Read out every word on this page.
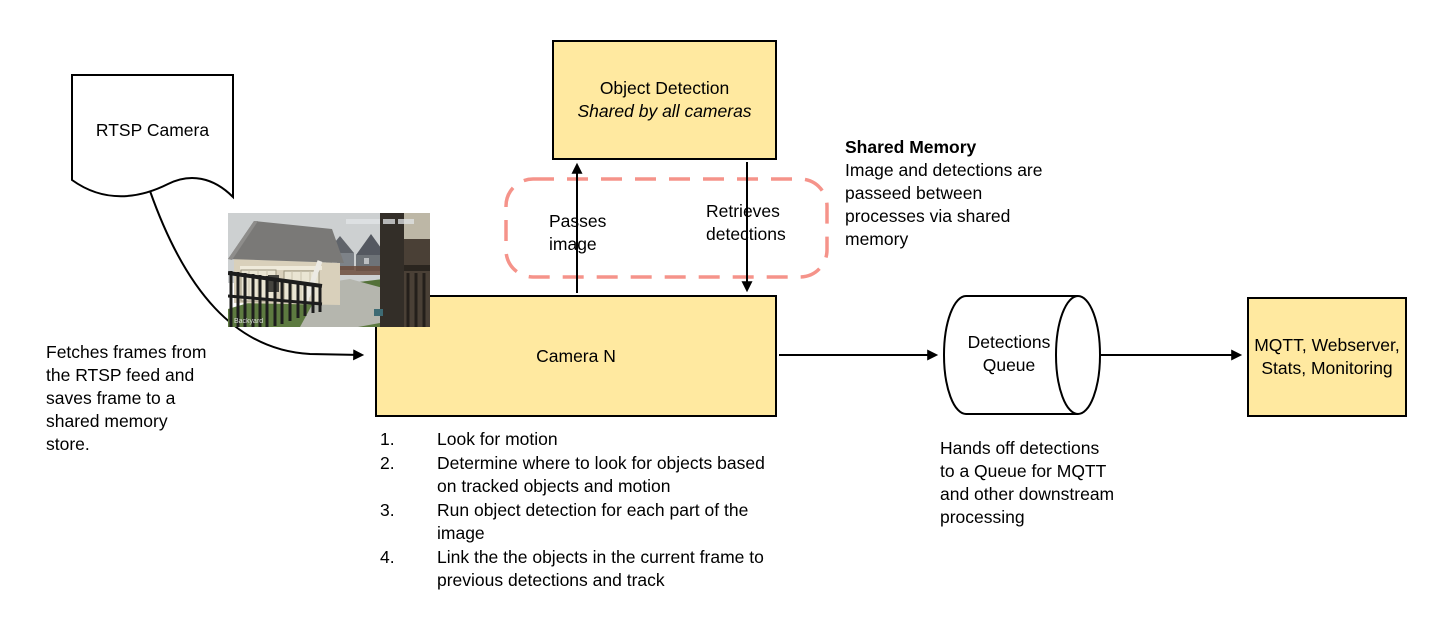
Object Detection
Shared by all cameras
Camera N
MQTT, Webserver, Stats, Monitoring
RTSP Camera
Detections Queue
Passes image
Retrieves detections
Fetches frames from the RTSP feed and saves frame to a shared memory store.
Shared Memory
Image and detections are passeed between processes via shared memory
Hands off detections to a Queue for MQTT and other downstream processing
Look for motion
Determine where to look for objects based on tracked objects and motion
Run object detection for each part of the image
Link the the objects in the current frame to previous detections and track
Backyard
